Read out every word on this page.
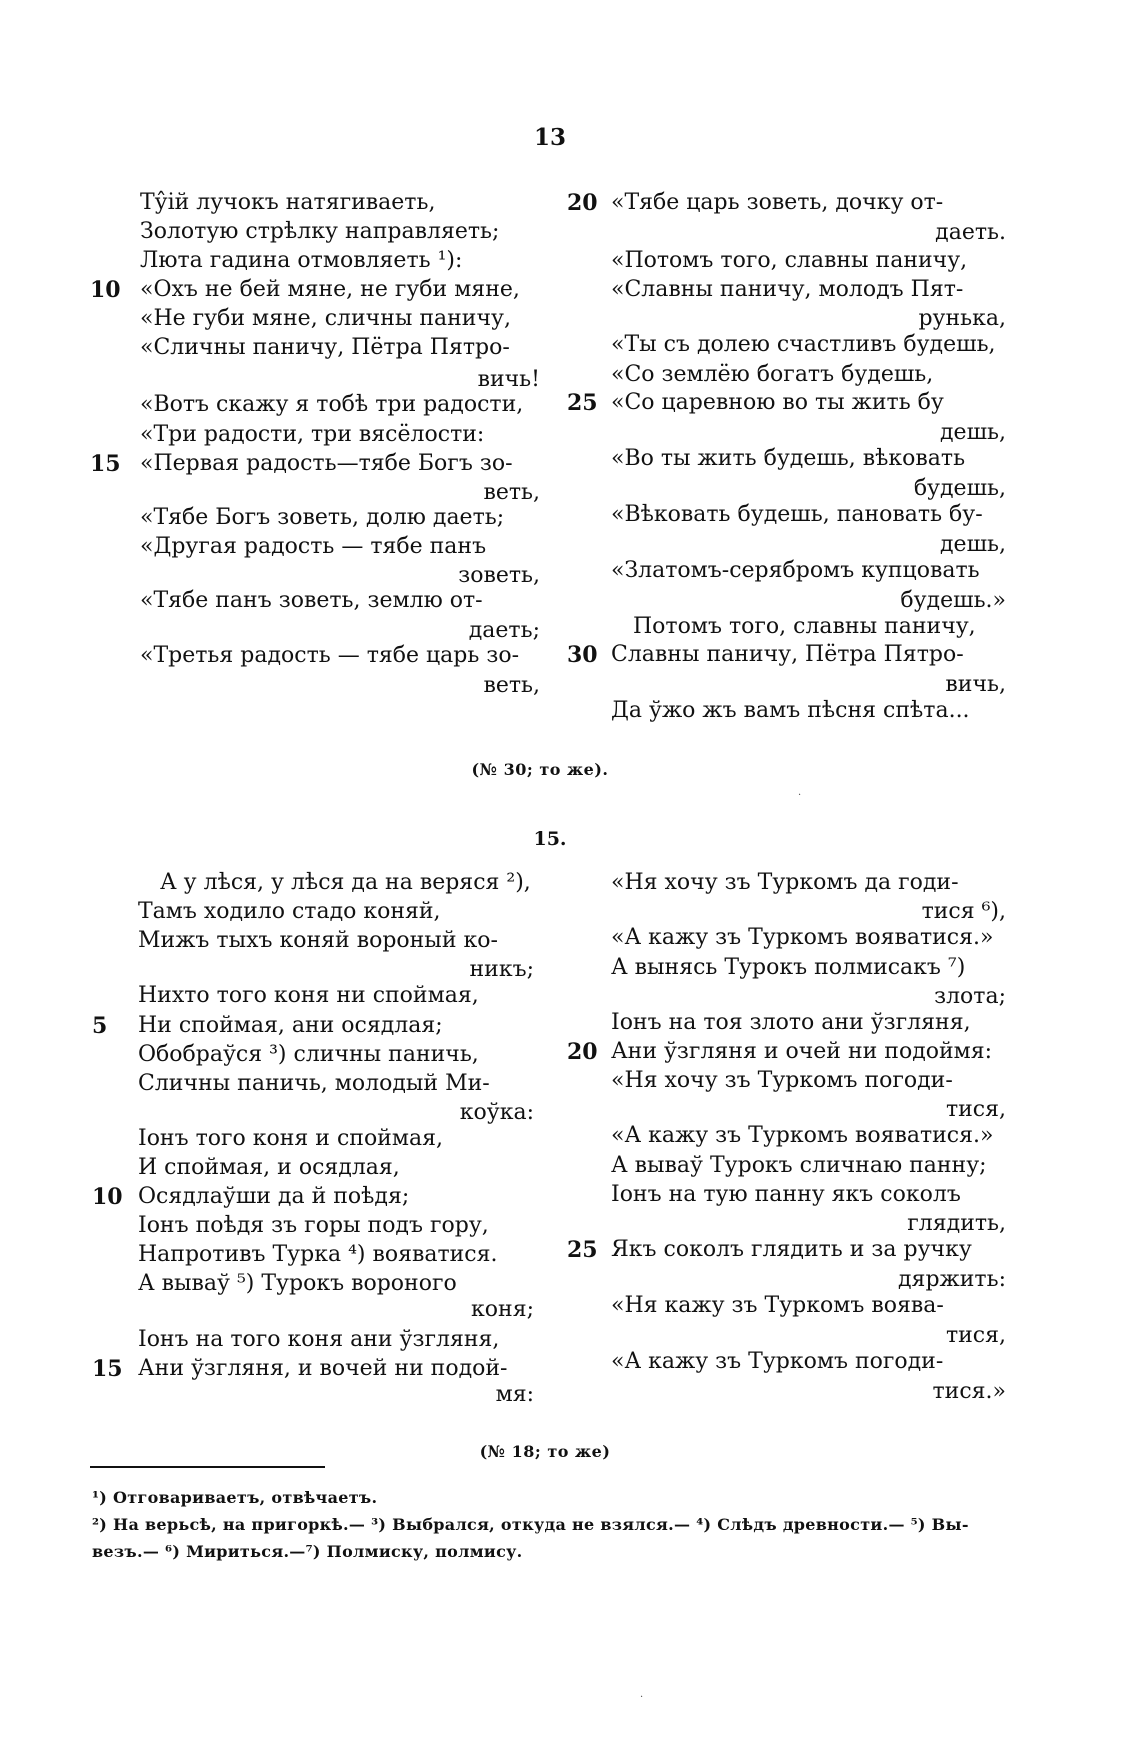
13
Ту̂ій лучокъ натягиваеть,
Золотую стрѣлку направляеть;
Люта гадина отмовляеть ¹):
«Охъ не бей мяне, не губи мяне,
10
«Не губи мяне, сличны паничу,
«Сличны паничу, Пётра Пятро-
вичь!
«Вотъ скажу я тобѣ три радости,
«Три радости, три вясёлости:
«Первая радость—тябе Богъ зо-
15
веть,
«Тябе Богъ зоветь, долю даеть;
«Другая радость — тябе панъ
зоветь,
«Тябе панъ зоветь, землю от-
даеть;
«Третья радость — тябе царь зо-
веть,
«Тябе царь зоветь, дочку от-
20
даеть.
«Потомъ того, славны паничу,
«Славны паничу, молодъ Пят-
рунька,
«Ты съ долею счастливъ будешь,
«Со землёю богатъ будешь,
«Со царевною во ты жить бу
25
дешь,
«Во ты жить будешь, вѣковать
будешь,
«Вѣковать будешь, пановать бу-
дешь,
«Златомъ-серябромъ купцовать
будешь.»
Потомъ того, славны паничу,
Славны паничу, Пётра Пятро-
30
вичь,
Да ўжо жъ вамъ пѣсня спѣта...
(№ 30; то же).
15.
А у лѣся, у лѣся да на веряся ²),
Тамъ ходило стадо коняй,
Мижъ тыхъ коняй вороный ко-
никъ;
Нихто того коня ни споймая,
Ни споймая, ани осядлая;
5
Обобраўся ³) сличны паничь,
Сличны паничь, молодый Ми-
коўка:
Іонъ того коня и споймая,
И споймая, и осядлая,
Осядлаўши да й поѣдя;
10
Іонъ поѣдя зъ горы подъ гору,
Напротивъ Турка ⁴) вояватися.
А вываў ⁵) Турокъ вороного
коня;
Іонъ на того коня ани ўзгляня,
Ани ўзгляня, и вочей ни подой-
15
мя:
«Ня хочу зъ Туркомъ да годи-
тися ⁶),
«А кажу зъ Туркомъ вояватися.»
А вынясь Турокъ полмисакъ ⁷)
злота;
Іонъ на тоя злото ани ўзгляня,
Ани ўзгляня и очей ни подоймя:
20
«Ня хочу зъ Туркомъ погоди-
тися,
«А кажу зъ Туркомъ вояватися.»
А вываў Турокъ сличнаю панну;
Іонъ на тую панну якъ соколъ
глядить,
Якъ соколъ глядить и за ручку
25
дяржить:
«Ня кажу зъ Туркомъ воява-
тися,
«А кажу зъ Туркомъ погоди-
тися.»
(№ 18; то же)
¹) Отговариваетъ, отвѣчаетъ.
²) На верьсѣ, на пригоркѣ.— ³) Выбрался, откуда не взялся.— ⁴) Слѣдъ древности.— ⁵) Вы-
везъ.— ⁶) Мириться.—⁷) Полмиску, полмису.
·
·
